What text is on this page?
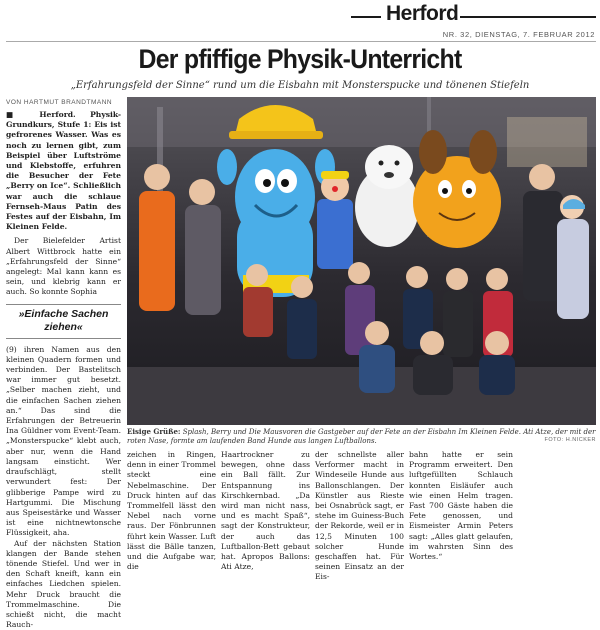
Herford
NR. 32, DIENSTAG, 7. FEBRUAR 2012
Der pfiffige Physik-Unterricht
„Erfahrungsfeld der Sinne“ rund um die Eisbahn mit Monsterspucke und tönenen Stiefeln
VON HARTMUT BRANDTMANN

■ Herford. Physik-Grundkurs, Stufe 1: Eis ist gefrorenes Wasser. Was es noch zu lernen gibt, zum Beispiel über Luftströme und Klebstoffe, erfuhren die Besucher der Fete „Berry on Ice“. Schließlich war auch die schlaue Fernseh-Maus Patin des Festes auf der Eisbahn, Im Kleinen Felde.

Der Bielefelder Artist Albert Wittbrock hatte ein „Erfahrungsfeld der Sinne“ angelegt: Mal kann kann es sein, und klebrig kann er auch. So konnte Sophia

»Einfache Sachen ziehen«

(9) ihren Namen aus den kleinen Quadern formen und verbinden. Der Bastelitsch war immer gut besetzt. „Selber machen zieht, und die einfachen Sachen ziehen an.“ Das sind die Erfahrungen der Betreuerin Ina Güldner vom Event-Team. „Monsterspucke“ klebt auch, aber nur, wenn die Hand langsam einsticht. Wer draufschlägt, stellt verwundert fest: Der glibberige Pampe wird zu Hartgummi. Die Mischung aus Speisestärke und Wasser ist eine nichtnewtonsche Flüssigkeit, aha.

Auf der nächsten Station klangen der Bande stehen tönende Stiefel. Und wer in den Schaft kneift, kann ein einfaches Liedchen spielen. Mehr Druck braucht die Trommelmaschine. Die schießt nicht, die macht Rauch-

Eisige Grüße: Splash, Berry und Die Mausvoren die Gastgeber auf der Fete an der Eisbahn Im Kleinen Felde. Ati Atze, der mit der roten Nase, formte am laufenden Band Hunde aus langen Luftballons.	FOTO: H.NICKER

zeichen in Ringen, denn in einer Trommel steckt eine Nebelmaschine. Der Druck hinten auf das Trommelfell lässt den Nebel nach vorne raus. Der Fönbrunnen führt kein Wasser. Luft lässt die Bälle tanzen, und die Aufgabe war, die

Haartrockner zu bewegen, ohne dass ein Ball fällt. Zur Entspannung ins Kirschkernbad. „Da wird man nicht nass, und es macht Spaß“, sagt der Konstrukteur, der auch das Luftballon-Bett gebaut hat. Apropos Ballons: Ati Atze,

der schnellste aller Verformer macht in Windeseile Hunde aus Ballonschlangen. Der Künstler aus Rieste bei Osnabrück sagt, er stehe im Guiness-Buch der Rekorde, weil er in 12,5 Minuten 100 solcher Hunde geschaffen hat. Für seinen Einsatz an der Eis-

bahn hatte er sein Programm erweitert. Den luftgefüllten Schlauch konnten Eisläufer auch wie einen Helm tragen. Fast 700 Gäste haben die Fete genossen, und Eismeister Armin Peters sagt: „Alles glatt gelaufen, im wahrsten Sinn des Wortes.“
